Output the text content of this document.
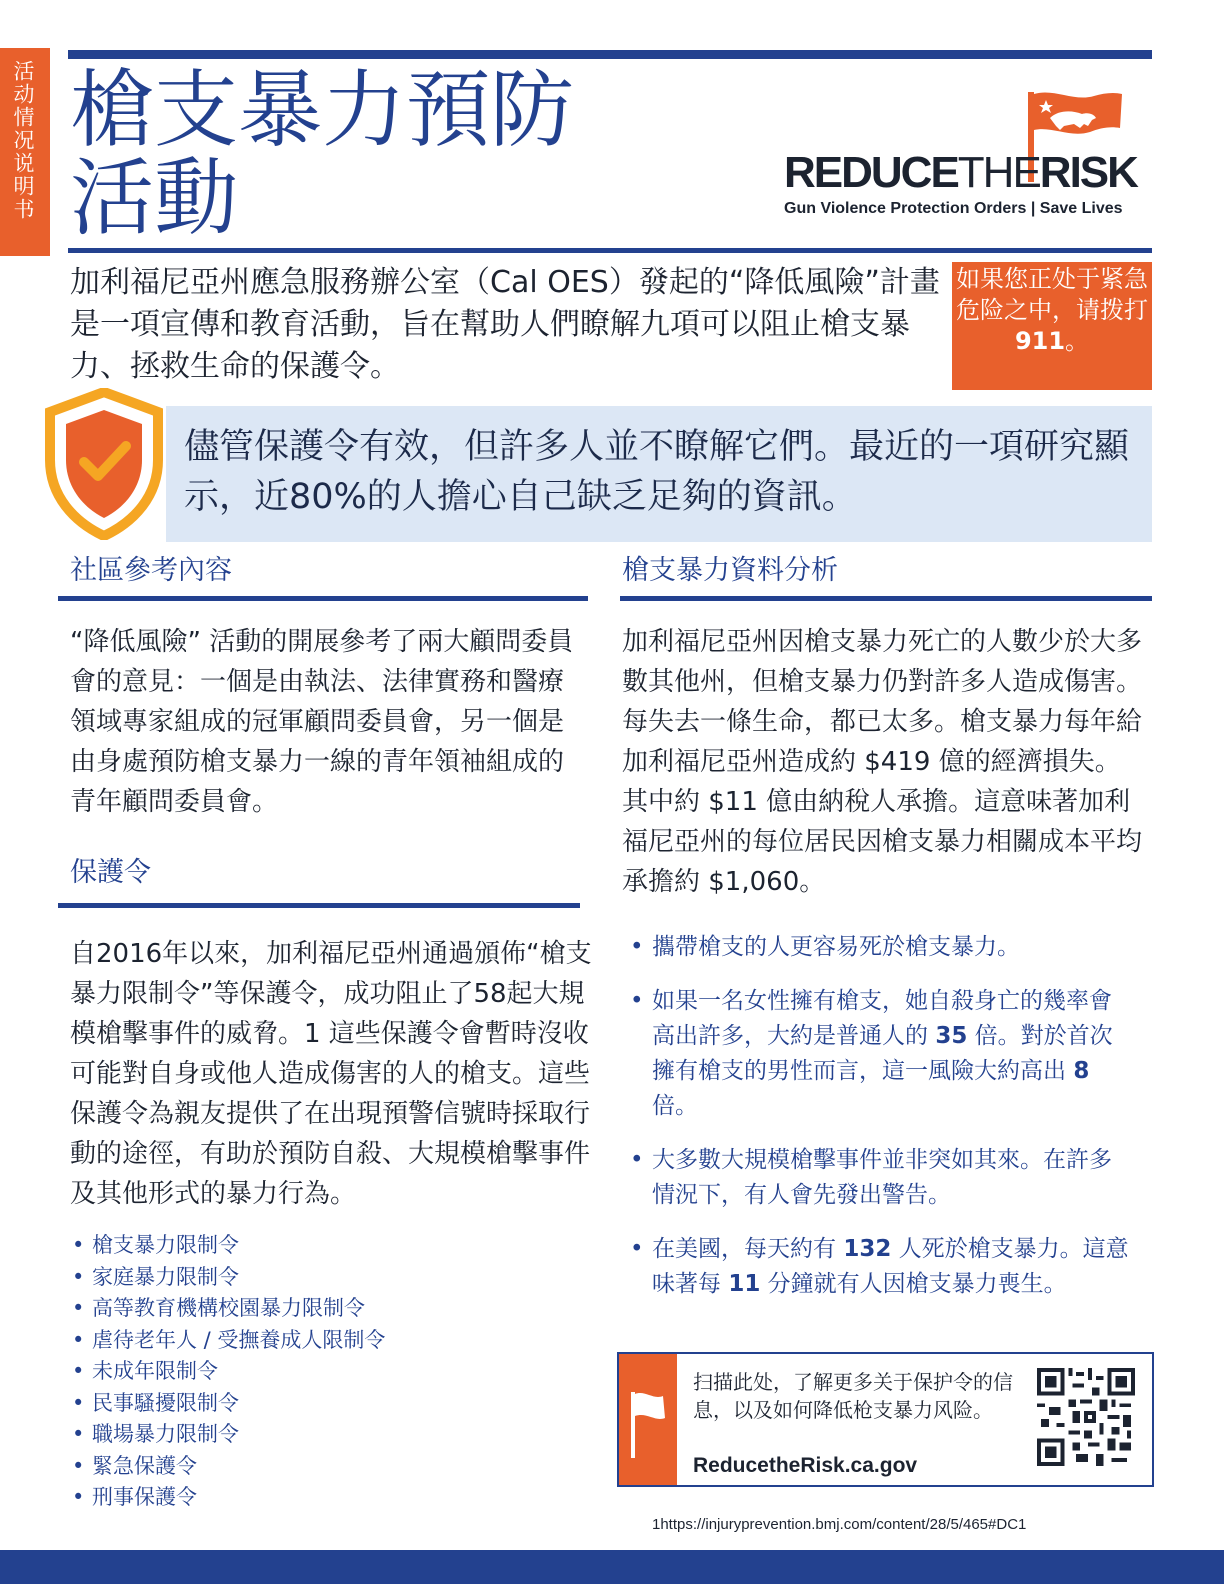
活动情况说明书 槍支暴力預防
活動	REDUCETHERISK
Gun Violence Protection Orders | Save Lives

加利福尼亞州應急服務辦公室（Cal OES）發起的“降低風險”計畫是一項宣傳和教育活動，旨在幫助人們瞭解九項可以阻止槍支暴力、拯救生命的保護令。

如果您正处于紧急危险之中，请拨打911。

儘管保護令有效，但許多人並不瞭解它們。最近的一項研究顯示，近80%的人擔心自己缺乏足夠的資訊。

社區參考內容

“降低風險” 活動的開展參考了兩大顧問委員會的意見：一個是由執法、法律實務和醫療領域專家組成的冠軍顧問委員會，另一個是由身處預防槍支暴力一線的青年領袖組成的青年顧問委員會。

保護令

自2016年以來，加利福尼亞州通過頒佈“槍支暴力限制令”等保護令，成功阻止了58起大規模槍擊事件的威脅。1 這些保護令會暫時沒收可能對自身或他人造成傷害的人的槍支。這些保護令為親友提供了在出現預警信號時採取行動的途徑，有助於預防自殺、大規模槍擊事件及其他形式的暴力行為。

• 槍支暴力限制令
• 家庭暴力限制令
• 高等教育機構校園暴力限制令
• 虐待老年人 / 受撫養成人限制令
• 未成年限制令
• 民事騷擾限制令
• 職場暴力限制令
• 緊急保護令
• 刑事保護令
槍支暴力資料分析

加利福尼亞州因槍支暴力死亡的人數少於大多數其他州，但槍支暴力仍對許多人造成傷害。每失去一條生命，都已太多。槍支暴力每年給加利福尼亞州造成約 $419 億的經濟損失。其中約 $11 億由納稅人承擔。這意味著加利福尼亞州的每位居民因槍支暴力相關成本平均承擔約 $1,060。

• 攜帶槍支的人更容易死於槍支暴力。
• 如果一名女性擁有槍支，她自殺身亡的幾率會高出許多，大約是普通人的 35 倍。對於首次擁有槍支的男性而言，這一風險大約高出 8 倍。
• 大多數大規模槍擊事件並非突如其來。在許多情況下，有人會先發出警告。
• 在美國，每天約有 132 人死於槍支暴力。這意味著每 11 分鐘就有人因槍支暴力喪生。

扫描此处，了解更多关于保护令的信息，以及如何降低枪支暴力风险。

ReducetheRisk.ca.gov
1https://injuryprevention.bmj.com/content/28/5/465#DC1
